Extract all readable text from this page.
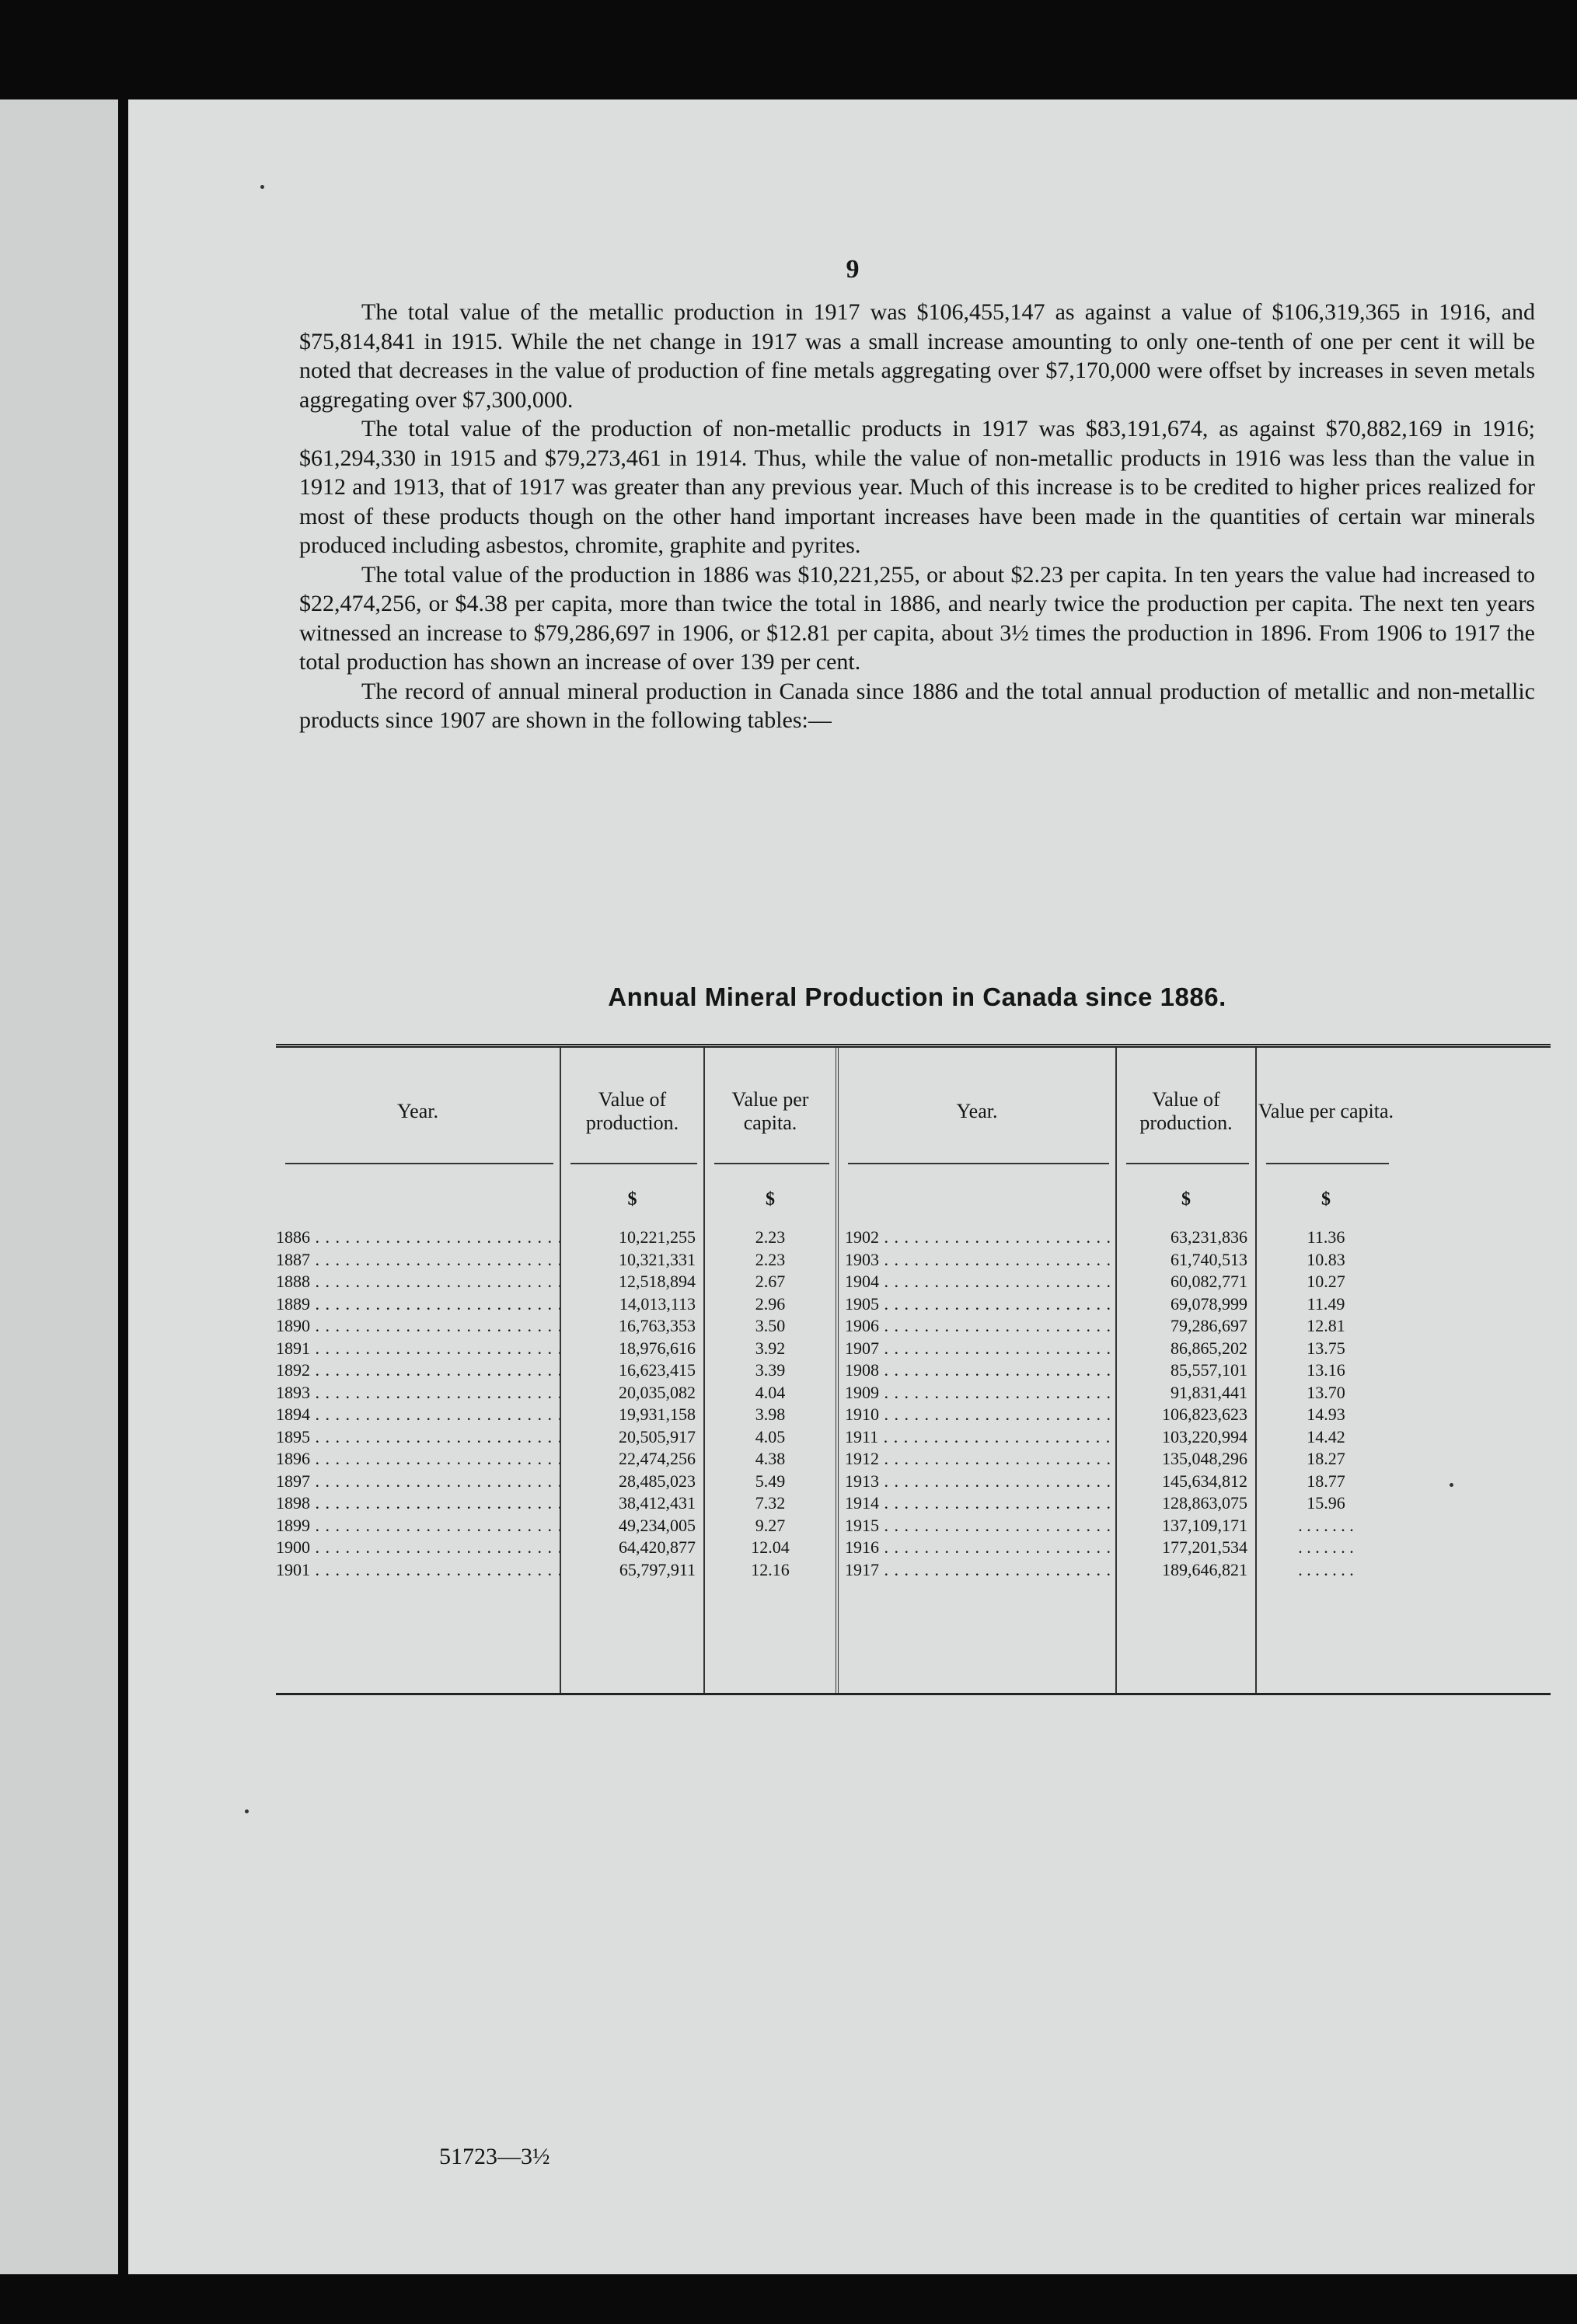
9

The total value of the metallic production in 1917 was $106,455,147 as against a value of $106,319,365 in 1916, and $75,814,841 in 1915. While the net change in 1917 was a small increase amounting to only one-tenth of one per cent it will be noted that decreases in the value of production of fine metals aggregating over $7,170,000 were offset by increases in seven metals aggregating over $7,300,000.

The total value of the production of non-metallic products in 1917 was $83,191,674, as against $70,882,169 in 1916; $61,294,330 in 1915 and $79,273,461 in 1914. Thus, while the value of non-metallic products in 1916 was less than the value in 1912 and 1913, that of 1917 was greater than any previous year. Much of this increase is to be credited to higher prices realized for most of these products though on the other hand important increases have been made in the quantities of certain war minerals produced including asbestos, chromite, graphite and pyrites.

The total value of the production in 1886 was $10,221,255, or about $2.23 per capita. In ten years the value had increased to $22,474,256, or $4.38 per capita, more than twice the total in 1886, and nearly twice the production per capita. The next ten years witnessed an increase to $79,286,697 in 1906, or $12.81 per capita, about 3½ times the production in 1896. From 1906 to 1917 the total production has shown an increase of over 139 per cent.

The record of annual mineral production in Canada since 1886 and the total annual production of metallic and non-metallic products since 1907 are shown in the following tables:—

Annual Mineral Production in Canada since 1886.
Year.
1886 . . .
1887 . . .
1888 . . .
1889 . . .
1890 . . .
1891 . . .
1892 . . .
1893 . . .
1894 . . .
1895 . . .
1896 . . .
1897 . . .
1898 . . .
1899 . . .
1900 . . .
1901 . . .
Value of production.
$
10,221,255
10,321,331
12,518,894
14,013,113
16,763,353
18,976,616
16,623,415
20,035,082
19,931,158
20,505,917
22,474,256
28,485,023
38,412,431
49,234,005
64,420,877
65,797,911
Value per capita.
$
2.23
2.23
2.67
2.96
3.50
3.92
3.39
4.04
3.98
4.05
4.38
5.49
7.32
9.27
12.04
12.16
Year.
1902 . . .
1903 . . .
1904 . . .
1905 . . .
1906 . . .
1907 . . .
1908 . . .
1909 . . .
1910 . . .
1911 . . .
1912 . . .
1913 . . .
1914 . . .
1915 . . .
1916 . . .
1917 . . .
Value of production.
$
63,231,836
61,740,513
60,082,771
69,078,999
79,286,697
86,865,202
85,557,101
91,831,441
106,823,623
103,220,994
135,048,296
145,634,812
128,863,075
137,109,171
177,201,534
189,646,821
Value per capita.
$
11.36
10.83
10.27
11.49
12.81
13.75
13.16
13.70
14.93
14.42
18.27
18.77
15.96
. . . . . . .
. . . . . . .
. . . . . . .
51723—3½
